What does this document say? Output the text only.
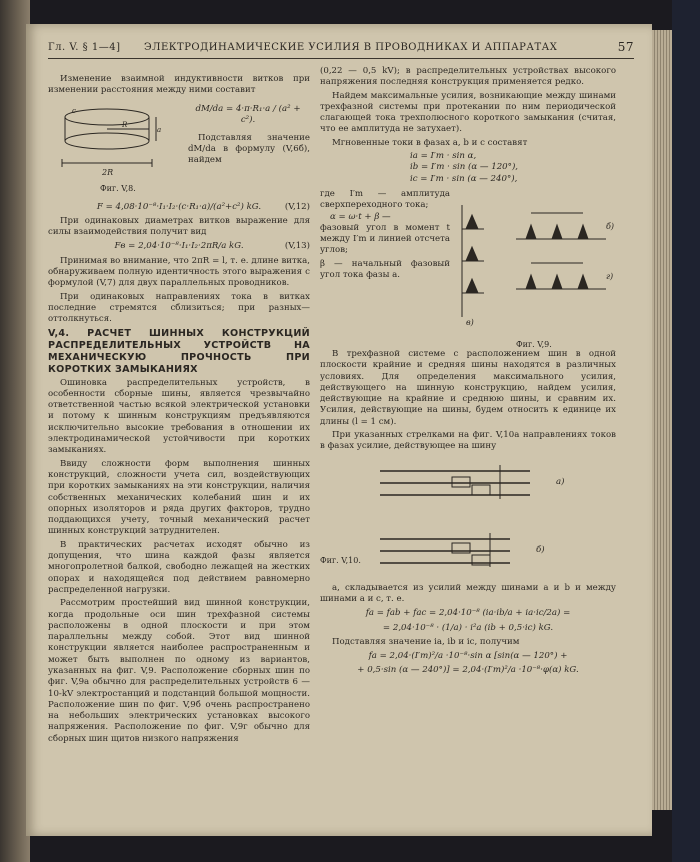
Гл. V. § 1—4] ЭЛЕКТРОДИНАМИЧЕСКИЕ УСИЛИЯ В ПРОВОДНИКАХ И АППАРАТАХ	57

Изменение взаимной индуктивности витков при изменении расстояния между ними составит

2R
R
a
c
Фиг. V,8.
dM/da = 4·π·R₁·a / (a² + c²).
Подставляя значение dM/da в формулу (V,6б), найдем
F = 4,08·10⁻⁸·I₁·I₂·(c·R₁·a)/(a²+c²) kG.	(V,12)

При одинаковых диаметрах витков выражение для силы взаимодействия получит вид

Fв = 2,04·10⁻⁸·I₁·I₂·2πR/a kG.	(V,13)

Принимая во внимание, что 2πR = l, т. е. длине витка, обнаруживаем полную идентичность этого выражения с формулой (V,7) для двух параллельных проводников.

При одинаковых направлениях тока в витках последние стремятся сблизиться; при разных—оттолкнуться.

V,4. РАСЧЕТ ШИННЫХ КОНСТРУКЦИЙ РАСПРЕДЕЛИТЕЛЬНЫХ УСТРОЙСТВ НА МЕХАНИЧЕСКУЮ ПРОЧНОСТЬ ПРИ КОРОТКИХ ЗАМЫКАНИЯХ

Ошиновка распределительных устройств, в особенности сборные шины, является чрезвычайно ответственной частью всякой электрической установки и потому к шинным конструкциям предъявляются исключительно высокие требования в отношении их электродинамической устойчивости при коротких замыканиях.

Ввиду сложности форм выполнения шинных конструкций, сложности учета сил, воздействующих при коротких замыканиях на эти конструкции, наличия собственных механических колебаний шин и их опорных изоляторов и ряда других факторов, трудно поддающихся учету, точный механический расчет шинных конструкций затруднителен.

В практических расчетах исходят обычно из допущения, что шина каждой фазы является многопролетной балкой, свободно лежащей на жестких опорах и находящейся под действием равномерно распределенной нагрузки.

Рассмотрим простейший вид шинной конструкции, когда продольные оси шин трехфазной системы расположены в одной плоскости и при этом параллельны между собой. Этот вид шинной конструкции является наиболее распространенным и может быть выполнен по одному из вариантов, указанных на фиг. V,9. Расположение сборных шин по фиг. V,9a обычно для распределительных устройств 6 — 10-kV электростанций и подстанций большой мощности. Расположение шин по фиг. V,9б очень распространено на небольших электрических установках высокого напряжения. Расположение по фиг. V,9г обычно для сборных шин щитов низкого напряжения

(0,22 — 0,5 kV); в распределительных устройствах высокого напряжения последняя конструкция применяется редко.

Найдем максимальные усилия, возникающие между шинами трехфазной системы при протекании по ним периодической слагающей тока трехполюсного короткого замыкания (считая, что ее амплитуда не затухает).

Мгновенные токи в фазах a, b и c составят

ia = I′m · sin α,
ib = I′m · sin (α — 120°),
ic = I′m · sin (α — 240°),
где I′m — амплитуда сверхпереходного тока;
α = ω·t + β —
фазовый угол в момент t между I′m и линией отсчета углов;
β — начальный фазовый угол тока фазы a.
б)
г)
в)
Фиг. V,9.

В трехфазной системе с расположением шин в одной плоскости крайние и средняя шины находятся в различных условиях. Для определения максимального усилия, действующего на шинную конструкцию, найдем усилия, действующие на крайние и среднюю шины, и сравним их. Усилия, действующие на шины, будем относить к единице их длины (l = 1 см).

При указанных стрелками на фиг. V,10a направлениях токов в фазах усилие, действующее на шину

а)
б)
Фиг. V,10.

a, складывается из усилий между шинами a и b и между шинами a и c, т. е.

fa = fab + fac = 2,04·10⁻⁸ (ia·ib/a + ia·ic/2a) =
= 2,04·10⁻⁸ · (1/a) · i²a (ib + 0,5·ic) kG.

Подставляя значение ia, ib и ic, получим

fa = 2,04·(I′m)²/a ·10⁻⁸·sin α [sin(α — 120°) +
+ 0,5·sin (α — 240°)] = 2,04·(I′m)²/a ·10⁻⁸·φ(α) kG.
